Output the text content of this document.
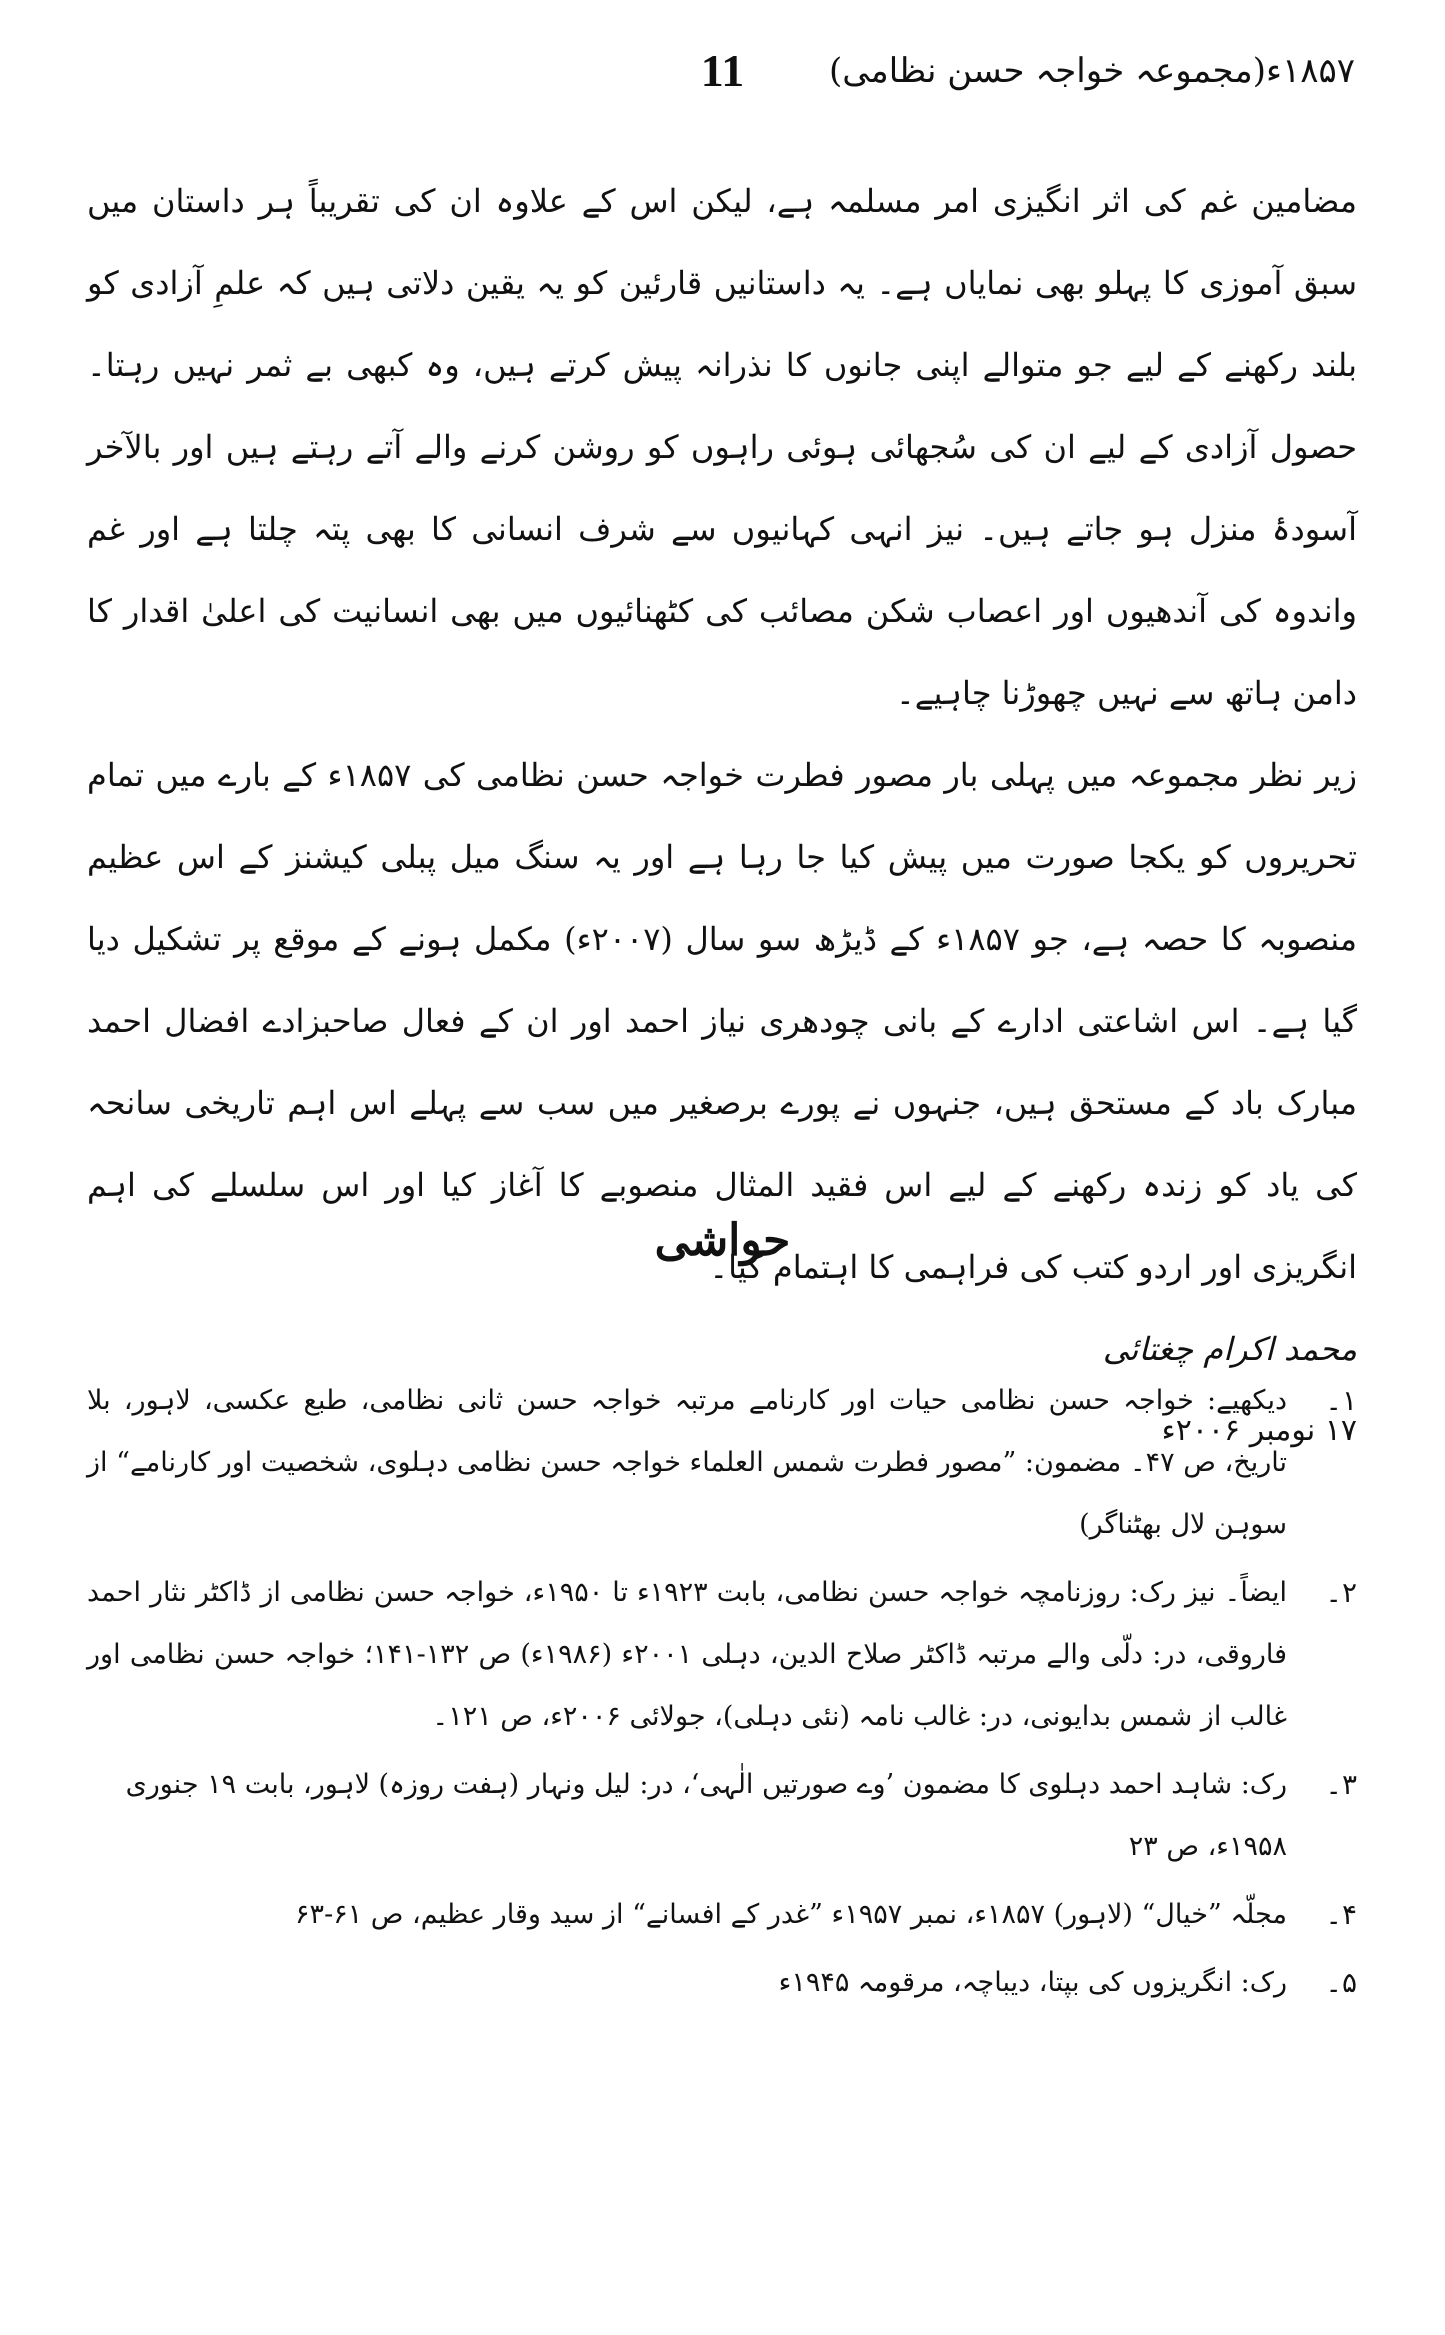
۱۸۵۷ء(مجموعہ خواجہ حسن نظامی)
11

مضامین غم کی اثر انگیزی امر مسلمہ ہے، لیکن اس کے علاوہ ان کی تقریباً ہر داستان میں سبق آموزی کا پہلو بھی نمایاں ہے۔ یہ داستانیں قارئین کو یہ یقین دلاتی ہیں کہ علمِ آزادی کو بلند رکھنے کے لیے جو متوالے اپنی جانوں کا نذرانہ پیش کرتے ہیں، وہ کبھی بے ثمر نہیں رہتا۔ حصول آزادی کے لیے ان کی سُجھائی ہوئی راہوں کو روشن کرنے والے آتے رہتے ہیں اور بالآخر آسودۂ منزل ہو جاتے ہیں۔ نیز انہی کہانیوں سے شرف انسانی کا بھی پتہ چلتا ہے اور غم واندوہ کی آندھیوں اور اعصاب شکن مصائب کی کٹھنائیوں میں بھی انسانیت کی اعلیٰ اقدار کا دامن ہاتھ سے نہیں چھوڑنا چاہیے۔

زیر نظر مجموعہ میں پہلی بار مصور فطرت خواجہ حسن نظامی کی ۱۸۵۷ء کے بارے میں تمام تحریروں کو یکجا صورت میں پیش کیا جا رہا ہے اور یہ سنگ میل پبلی کیشنز کے اس عظیم منصوبہ کا حصہ ہے، جو ۱۸۵۷ء کے ڈیڑھ سو سال (۲۰۰۷ء) مکمل ہونے کے موقع پر تشکیل دیا گیا ہے۔ اس اشاعتی ادارے کے بانی چودھری نیاز احمد اور ان کے فعال صاحبزادے افضال احمد مبارک باد کے مستحق ہیں، جنہوں نے پورے برصغیر میں سب سے پہلے اس اہم تاریخی سانحہ کی یاد کو زندہ رکھنے کے لیے اس فقید المثال منصوبے کا آغاز کیا اور اس سلسلے کی اہم انگریزی اور اردو کتب کی فراہمی کا اہتمام کیا۔

محمد اکرام چغتائی
۱۷ نومبر ۲۰۰۶ء
حواشی
۱۔
دیکھیے: خواجہ حسن نظامی حیات اور کارنامے مرتبہ خواجہ حسن ثانی نظامی، طبع عکسی، لاہور، بلا تاریخ، ص ۴۷۔ مضمون: ”مصور فطرت شمس العلماء خواجہ حسن نظامی دہلوی، شخصیت اور کارنامے“ از سوہن لال بھٹناگر)
۲۔
ایضاً۔ نیز رک: روزنامچہ خواجہ حسن نظامی، بابت ۱۹۲۳ء تا ۱۹۵۰ء، خواجہ حسن نظامی از ڈاکٹر نثار احمد فاروقی، در: دلّی والے مرتبہ ڈاکٹر صلاح الدین، دہلی ۲۰۰۱ء (۱۹۸۶ء) ص ۱۳۲-۱۴۱؛ خواجہ حسن نظامی اور غالب از شمس بدایونی، در: غالب نامہ (نئی دہلی)، جولائی ۲۰۰۶ء، ص ۱۲۱۔
۳۔
رک: شاہد احمد دہلوی کا مضمون ’وے صورتیں الٰہی‘، در: لیل ونہار (ہفت روزہ) لاہور، بابت ۱۹ جنوری ۱۹۵۸ء، ص ۲۳
۴۔
مجلّہ ”خیال“ (لاہور) ۱۸۵۷ء، نمبر ۱۹۵۷ء ”غدر کے افسانے“ از سید وقار عظیم، ص ۶۱-۶۳
۵۔
رک: انگریزوں کی بپتا، دیباچہ، مرقومہ ۱۹۴۵ء
